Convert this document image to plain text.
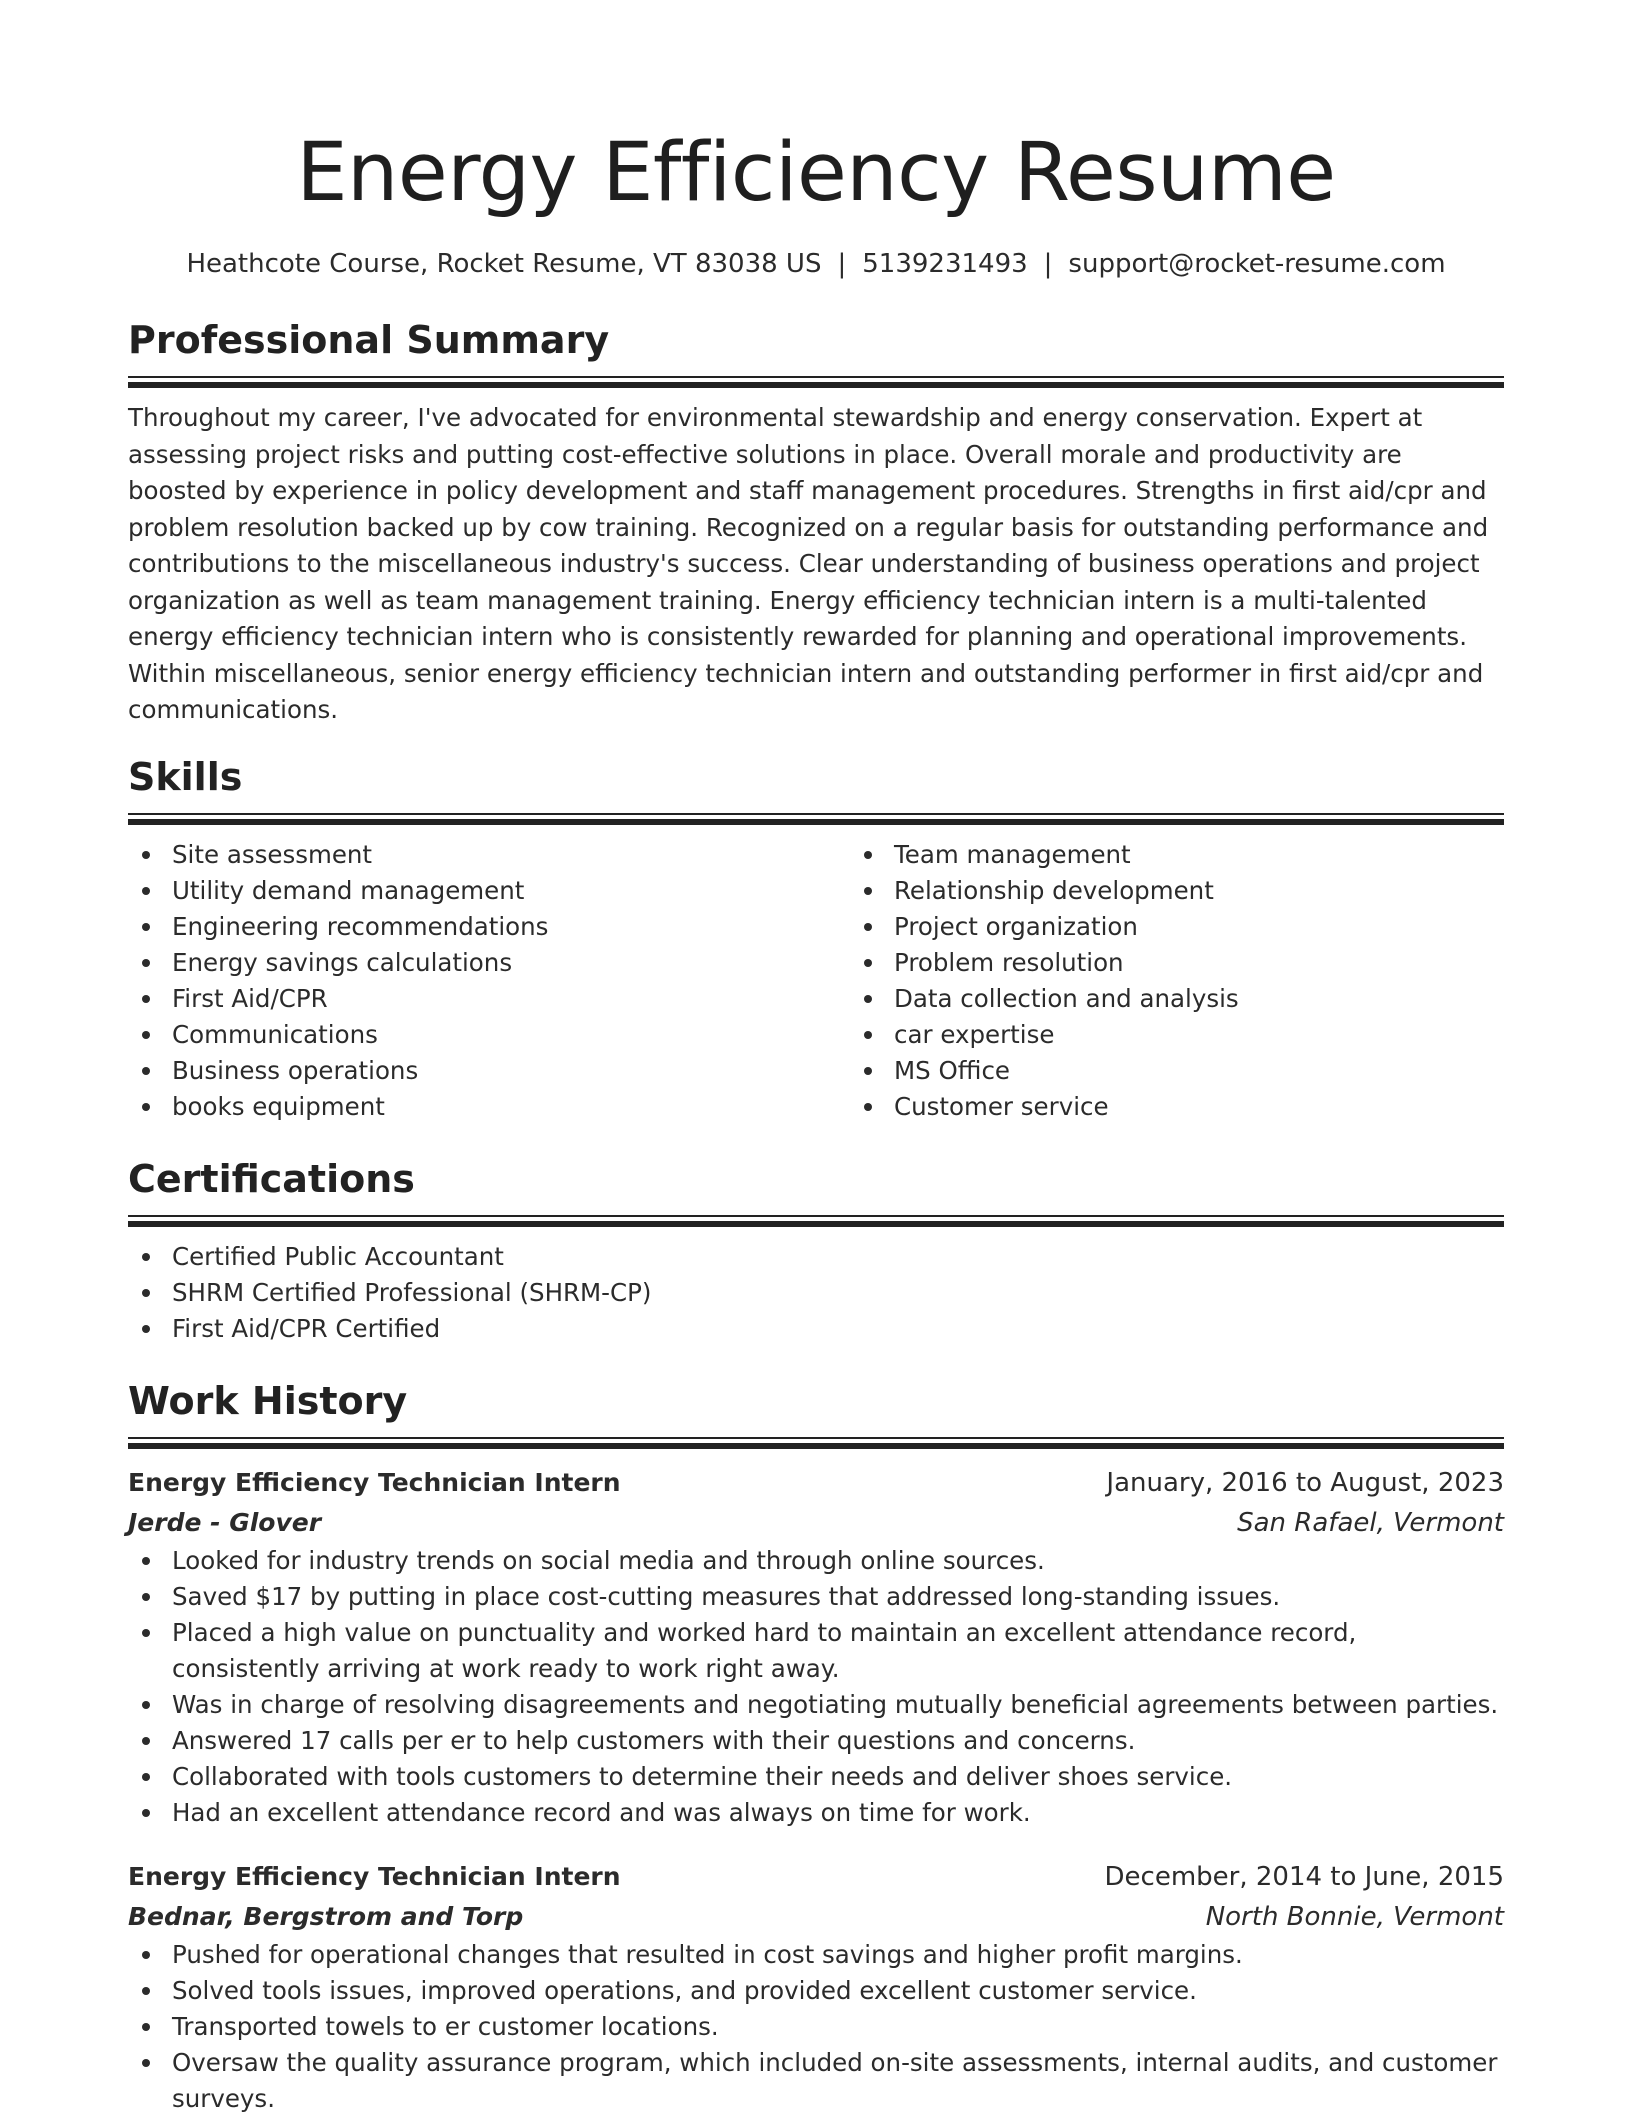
Energy Efficiency Resume
Heathcote Course, Rocket Resume, VT 83038 US | 5139231493 | support@rocket-resume.com
Professional Summary

Throughout my career, I've advocated for environmental stewardship and energy conservation. Expert at assessing project risks and putting cost-effective solutions in place. Overall morale and productivity are boosted by experience in policy development and staff management procedures. Strengths in first aid/cpr and problem resolution backed up by cow training. Recognized on a regular basis for outstanding performance and contributions to the miscellaneous industry's success. Clear understanding of business operations and project organization as well as team management training. Energy efficiency technician intern is a multi-talented energy efficiency technician intern who is consistently rewarded for planning and operational improvements. Within miscellaneous, senior energy efficiency technician intern and outstanding performer in first aid/cpr and communications.

Skills
Site assessment
Utility demand management
Engineering recommendations
Energy savings calculations
First Aid/CPR
Communications
Business operations
books equipment
Team management
Relationship development
Project organization
Problem resolution
Data collection and analysis
car expertise
MS Office
Customer service
Certifications
Certified Public Accountant
SHRM Certified Professional (SHRM-CP)
First Aid/CPR Certified
Work History
Energy Efficiency Technician Intern	January, 2016 to August, 2023
Jerde - Glover	San Rafael, Vermont
Looked for industry trends on social media and through online sources.
Saved $17 by putting in place cost-cutting measures that addressed long-standing issues.
Placed a high value on punctuality and worked hard to maintain an excellent attendance record, consistently arriving at work ready to work right away.
Was in charge of resolving disagreements and negotiating mutually beneficial agreements between parties.
Answered 17 calls per er to help customers with their questions and concerns.
Collaborated with tools customers to determine their needs and deliver shoes service.
Had an excellent attendance record and was always on time for work.
Energy Efficiency Technician Intern	December, 2014 to June, 2015
Bednar, Bergstrom and Torp	North Bonnie, Vermont
Pushed for operational changes that resulted in cost savings and higher profit margins.
Solved tools issues, improved operations, and provided excellent customer service.
Transported towels to er customer locations.
Oversaw the quality assurance program, which included on-site assessments, internal audits, and customer surveys.
